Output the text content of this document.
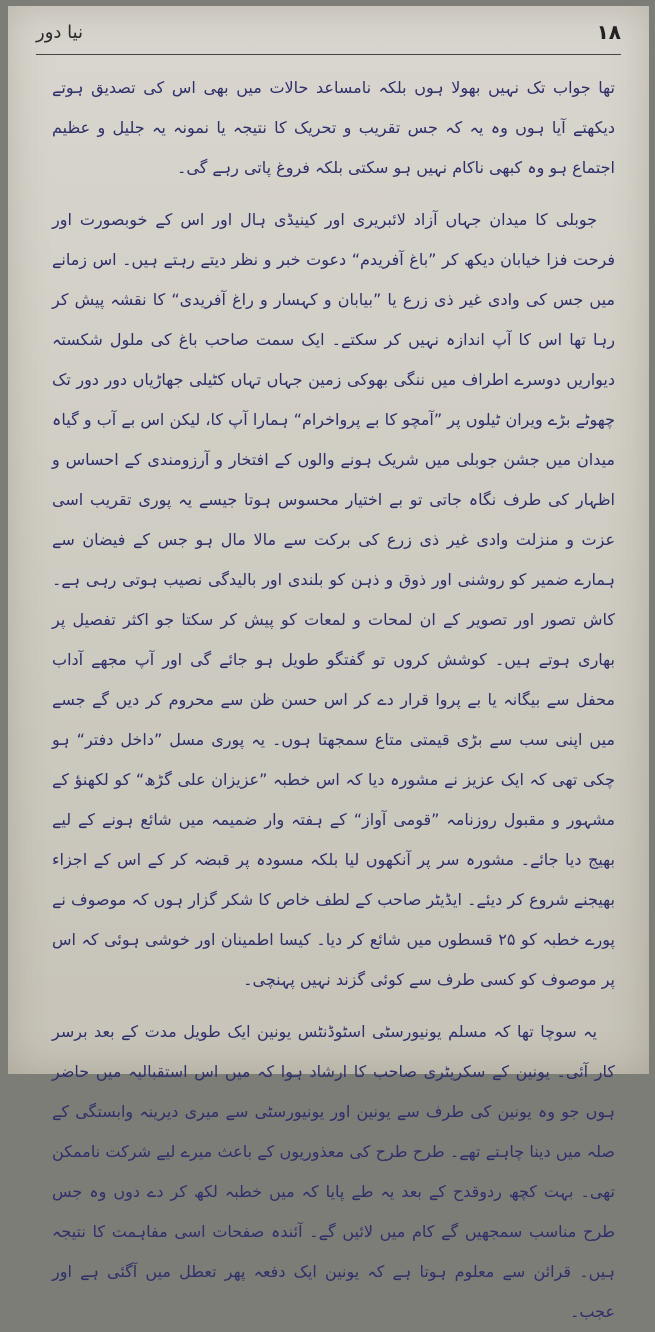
نیا دور	۱۸

تھا جواب تک نہیں بھولا ہوں بلکہ نامساعد حالات میں بھی اس کی تصدیق ہوتے دیکھتے آیا ہوں وہ یہ کہ جس تقریب و تحریک کا نتیجہ یا نمونہ یہ جلیل و عظیم اجتماع ہو وہ کبھی ناکام نہیں ہو سکتی بلکہ فروغ پاتی رہے گی۔

جوبلی کا میدان جہاں آزاد لائبریری اور کینیڈی ہال اور اس کے خوبصورت اور فرحت فزا خیابان دیکھ کر ”باغ آفریدم“ دعوت خبر و نظر دیتے رہتے ہیں۔ اس زمانے میں جس کی وادی غیر ذی زرع یا ”بیابان و کہسار و راغ آفریدی“ کا نقشہ پیش کر رہا تھا اس کا آپ اندازہ نہیں کر سکتے۔ ایک سمت صاحب باغ کی ملول شکستہ دیواریں دوسرے اطراف میں ننگی بھوکی زمین جہاں تہاں کٹیلی جھاڑیاں دور دور تک چھوٹے بڑے ویران ٹیلوں پر ”آمچو کا بے پرواخرام“ ہمارا آپ کا، لیکن اس بے آب و گیاہ میدان میں جشن جوبلی میں شریک ہونے والوں کے افتخار و آرزومندی کے احساس و اظہار کی طرف نگاہ جاتی تو بے اختیار محسوس ہوتا جیسے یہ پوری تقریب اسی عزت و منزلت وادی غیر ذی زرع کی برکت سے مالا مال ہو جس کے فیضان سے ہمارے ضمیر کو روشنی اور ذوق و ذہن کو بلندی اور بالیدگی نصیب ہوتی رہی ہے۔ کاش تصور اور تصویر کے ان لمحات و لمعات کو پیش کر سکتا جو اکثر تفصیل پر بھاری ہوتے ہیں۔ کوشش کروں تو گفتگو طویل ہو جائے گی اور آپ مجھے آداب محفل سے بیگانہ یا بے پروا قرار دے کر اس حسن ظن سے محروم کر دیں گے جسے میں اپنی سب سے بڑی قیمتی متاع سمجھتا ہوں۔ یہ پوری مسل ”داخل دفتر“ ہو چکی تھی کہ ایک عزیز نے مشورہ دیا کہ اس خطبہ ”عزیزان علی گڑھ“ کو لکھنؤ کے مشہور و مقبول روزنامہ ”قومی آواز“ کے ہفتہ وار ضمیمہ میں شائع ہونے کے لیے بھیج دیا جائے۔ مشورہ سر پر آنکھوں لیا بلکہ مسودہ پر قبضہ کر کے اس کے اجزاء بھیجنے شروع کر دیئے۔ ایڈیٹر صاحب کے لطف خاص کا شکر گزار ہوں کہ موصوف نے پورے خطبہ کو ۲۵ قسطوں میں شائع کر دیا۔ کیسا اطمینان اور خوشی ہوئی کہ اس پر موصوف کو کسی طرف سے کوئی گزند نہیں پہنچی۔

یہ سوچا تھا کہ مسلم یونیورسٹی اسٹوڈنٹس یونین ایک طویل مدت کے بعد برسر کار آئی۔ یونین کے سکریٹری صاحب کا ارشاد ہوا کہ میں اس استقبالیہ میں حاضر ہوں جو وہ یونین کی طرف سے یونین اور یونیورسٹی سے میری دیرینہ وابستگی کے صلہ میں دینا چاہتے تھے۔ طرح طرح کی معذوریوں کے باعث میرے لیے شرکت ناممکن تھی۔ بہت کچھ ردوقدح کے بعد یہ طے پایا کہ میں خطبہ لکھ کر دے دوں وہ جس طرح مناسب سمجھیں گے کام میں لائیں گے۔ آئندہ صفحات اسی مفاہمت کا نتیجہ ہیں۔ قرائن سے معلوم ہوتا ہے کہ یونین ایک دفعہ پھر تعطل میں آگئی ہے اور عجب۔
